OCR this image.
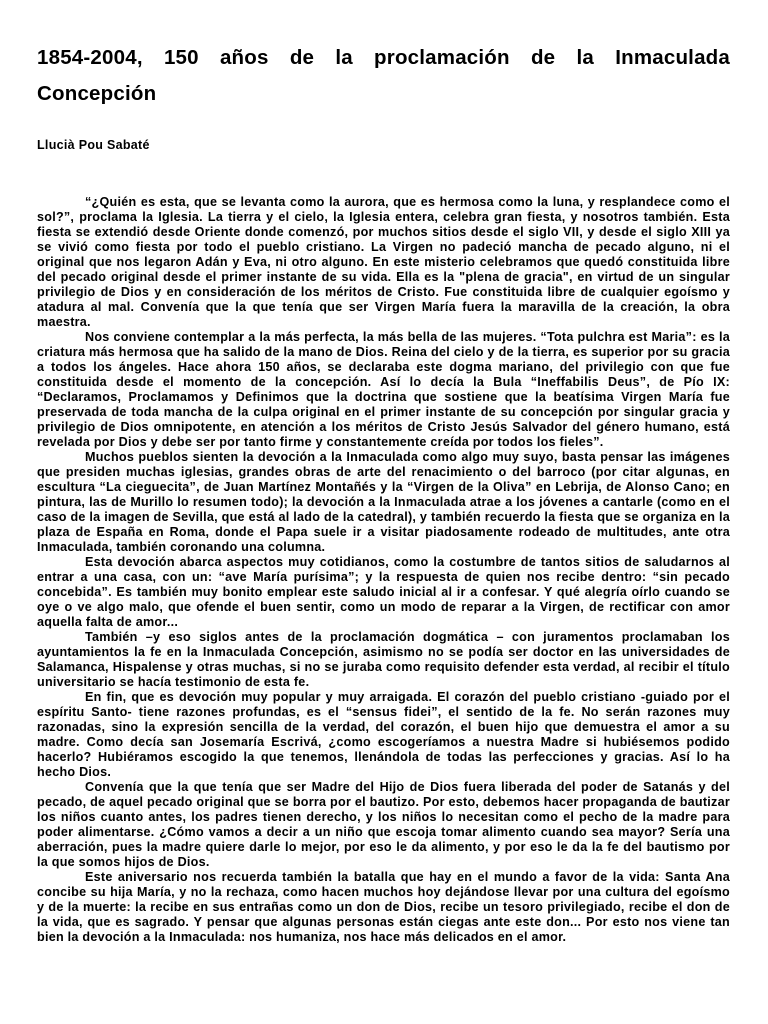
1854-2004, 150 años de la proclamación de la Inmaculada Concepción

Llucià Pou Sabaté

“¿Quién es esta, que se levanta como la aurora, que es hermosa como la luna, y resplandece como el sol?”, proclama la Iglesia. La tierra y el cielo, la Iglesia entera, celebra gran fiesta, y nosotros también. Esta fiesta se extendió desde Oriente donde comenzó, por muchos sitios desde el siglo VII, y desde el siglo XIII ya se vivió como fiesta por todo el pueblo cristiano. La Virgen no padeció mancha de pecado alguno, ni el original que nos legaron Adán y Eva, ni otro alguno. En este misterio celebramos que quedó constituida libre del pecado original desde el primer instante de su vida. Ella es la "plena de gracia", en virtud de un singular privilegio de Dios y en consideración de los méritos de Cristo. Fue constituida libre de cualquier egoísmo y atadura al mal. Convenía que la que tenía que ser Virgen María fuera la maravilla de la creación, la obra maestra.

Nos conviene contemplar a la más perfecta, la más bella de las mujeres. “Tota pulchra est Maria”: es la criatura más hermosa que ha salido de la mano de Dios. Reina del cielo y de la tierra, es superior por su gracia a todos los ángeles. Hace ahora 150 años, se declaraba este dogma mariano, del privilegio con que fue constituida desde el momento de la concepción. Así lo decía la Bula “Ineffabilis Deus”, de Pío IX: “Declaramos, Proclamamos y Definimos que la doctrina que sostiene que la beatísima Virgen María fue preservada de toda mancha de la culpa original en el primer instante de su concepción por singular gracia y privilegio de Dios omnipotente, en atención a los méritos de Cristo Jesús Salvador del género humano, está revelada por Dios y debe ser por tanto firme y constantemente creída por todos los fieles”.

Muchos pueblos sienten la devoción a la Inmaculada como algo muy suyo, basta pensar las imágenes que presiden muchas iglesias, grandes obras de arte del renacimiento o del barroco (por citar algunas, en escultura “La cieguecita”, de Juan Martínez Montañés y la “Virgen de la Oliva” en Lebrija, de Alonso Cano; en pintura, las de Murillo lo resumen todo); la devoción a la Inmaculada atrae a los jóvenes a cantarle (como en el caso de la imagen de Sevilla, que está al lado de la catedral), y también recuerdo la fiesta que se organiza en la plaza de España en Roma, donde el Papa suele ir a visitar piadosamente rodeado de multitudes, ante otra Inmaculada, también coronando una columna.

Esta devoción abarca aspectos muy cotidianos, como la costumbre de tantos sitios de saludarnos al entrar a una casa, con un: “ave María purísima”; y la respuesta de quien nos recibe dentro: “sin pecado concebida”. Es también muy bonito emplear este saludo inicial al ir a confesar. Y qué alegría oírlo cuando se oye o ve algo malo, que ofende el buen sentir, como un modo de reparar a la Virgen, de rectificar con amor aquella falta de amor...

También –y eso siglos antes de la proclamación dogmática – con juramentos proclamaban los ayuntamientos la fe en la Inmaculada Concepción, asimismo no se podía ser doctor en las universidades de Salamanca, Hispalense y otras muchas, si no se juraba como requisito defender esta verdad, al recibir el título universitario se hacía testimonio de esta fe.

En fin, que es devoción muy popular y muy arraigada. El corazón del pueblo cristiano -guiado por el espíritu Santo- tiene razones profundas, es el “sensus fidei”, el sentido de la fe. No serán razones muy razonadas, sino la expresión sencilla de la verdad, del corazón, el buen hijo que demuestra el amor a su madre. Como decía san Josemaría Escrivá, ¿como escogeríamos a nuestra Madre si hubiésemos podido hacerlo? Hubiéramos escogido la que tenemos, llenándola de todas las perfecciones y gracias. Así lo ha hecho Dios.

Convenía que la que tenía que ser Madre del Hijo de Dios fuera liberada del poder de Satanás y del pecado, de aquel pecado original que se borra por el bautizo. Por esto, debemos hacer propaganda de bautizar los niños cuanto antes, los padres tienen derecho, y los niños lo necesitan como el pecho de la madre para poder alimentarse. ¿Cómo vamos a decir a un niño que escoja tomar alimento cuando sea mayor? Sería una aberración, pues la madre quiere darle lo mejor, por eso le da alimento, y por eso le da la fe del bautismo por la que somos hijos de Dios.

Este aniversario nos recuerda también la batalla que hay en el mundo a favor de la vida: Santa Ana concibe su hija María, y no la rechaza, como hacen muchos hoy dejándose llevar por una cultura del egoísmo y de la muerte: la recibe en sus entrañas como un don de Dios, recibe un tesoro privilegiado, recibe el don de la vida, que es sagrado. Y pensar que algunas personas están ciegas ante este don... Por esto nos viene tan bien la devoción a la Inmaculada: nos humaniza, nos hace más delicados en el amor.
